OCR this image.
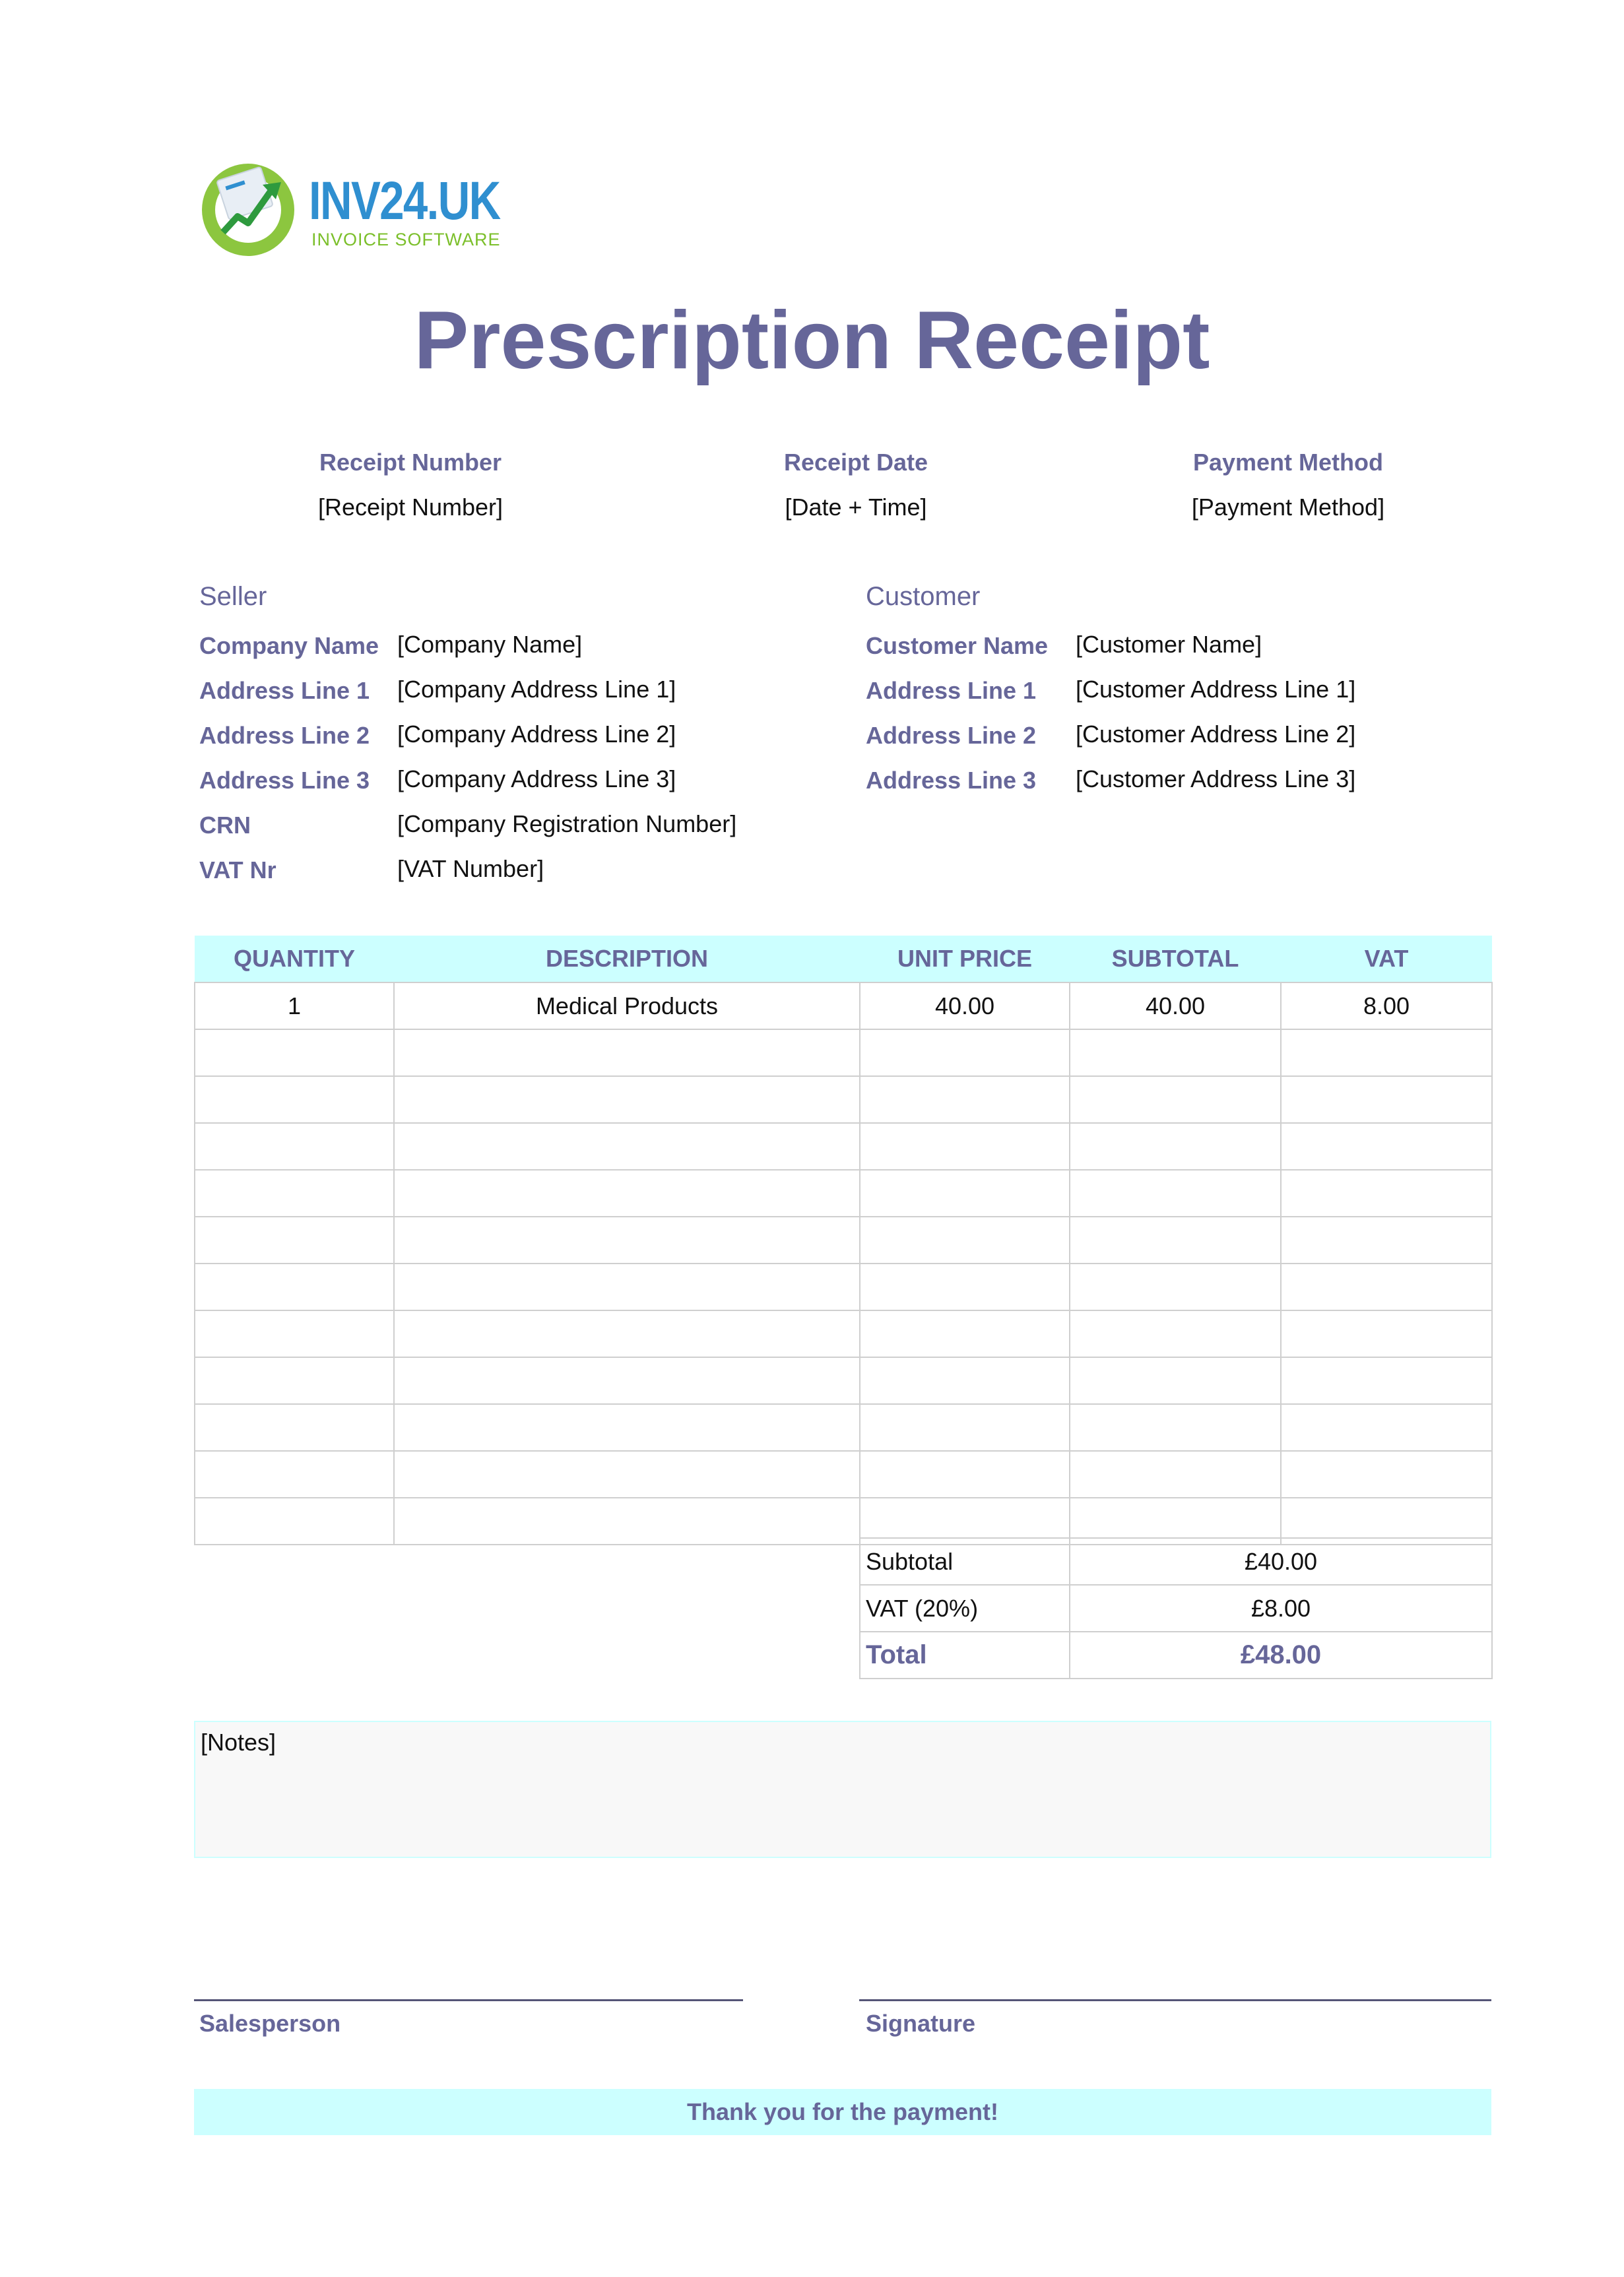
INV24.UK
INVOICE SOFTWARE
Prescription Receipt
Receipt Number
[Receipt Number]
Receipt Date
[Date + Time]
Payment Method
[Payment Method]
Seller
Company Name [Company Name]
Address Line 1 [Company Address Line 1]
Address Line 2 [Company Address Line 2]
Address Line 3 [Company Address Line 3]
CRN	[Company Registration Number]
VAT Nr	[VAT Number]
Customer
Customer Name [Customer Name]
Address Line 1 [Customer Address Line 1]
Address Line 2 [Customer Address Line 2]
Address Line 3 [Customer Address Line 3]
QUANTITY	DESCRIPTION	UNIT PRICE	SUBTOTAL	VAT
1	Medical Products	40.00	40.00	8.00

Subtotal	£40.00
VAT (20%)	£8.00
Total	£48.00
[Notes]
Salesperson	Signature
Thank you for the payment!
